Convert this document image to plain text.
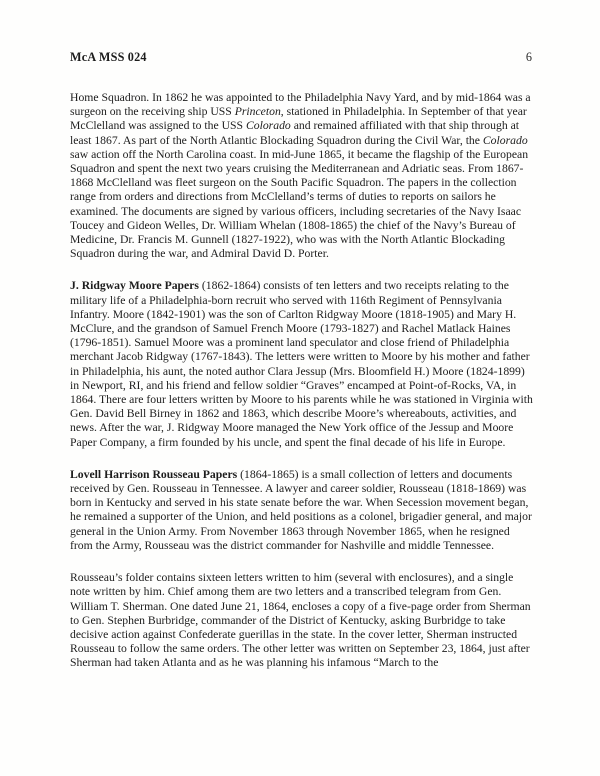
McA MSS 024	6

Home Squadron. In 1862 he was appointed to the Philadelphia Navy Yard, and by mid-1864 was a surgeon on the receiving ship USS Princeton, stationed in Philadelphia. In September of that year McClelland was assigned to the USS Colorado and remained affiliated with that ship through at least 1867. As part of the North Atlantic Blockading Squadron during the Civil War, the Colorado saw action off the North Carolina coast. In mid-June 1865, it became the flagship of the European Squadron and spent the next two years cruising the Mediterranean and Adriatic seas. From 1867-1868 McClelland was fleet surgeon on the South Pacific Squadron. The papers in the collection range from orders and directions from McClelland’s terms of duties to reports on sailors he examined. The documents are signed by various officers, including secretaries of the Navy Isaac Toucey and Gideon Welles, Dr. William Whelan (1808-1865) the chief of the Navy’s Bureau of Medicine, Dr. Francis M. Gunnell (1827-1922), who was with the North Atlantic Blockading Squadron during the war, and Admiral David D. Porter.

J. Ridgway Moore Papers (1862-1864) consists of ten letters and two receipts relating to the military life of a Philadelphia-born recruit who served with 116th Regiment of Pennsylvania Infantry. Moore (1842-1901) was the son of Carlton Ridgway Moore (1818-1905) and Mary H. McClure, and the grandson of Samuel French Moore (1793-1827) and Rachel Matlack Haines (1796-1851). Samuel Moore was a prominent land speculator and close friend of Philadelphia merchant Jacob Ridgway (1767-1843). The letters were written to Moore by his mother and father in Philadelphia, his aunt, the noted author Clara Jessup (Mrs. Bloomfield H.) Moore (1824-1899) in Newport, RI, and his friend and fellow soldier “Graves” encamped at Point-of-Rocks, VA, in 1864. There are four letters written by Moore to his parents while he was stationed in Virginia with Gen. David Bell Birney in 1862 and 1863, which describe Moore’s whereabouts, activities, and news. After the war, J. Ridgway Moore managed the New York office of the Jessup and Moore Paper Company, a firm founded by his uncle, and spent the final decade of his life in Europe.

Lovell Harrison Rousseau Papers (1864-1865) is a small collection of letters and documents received by Gen. Rousseau in Tennessee. A lawyer and career soldier, Rousseau (1818-1869) was born in Kentucky and served in his state senate before the war. When Secession movement began, he remained a supporter of the Union, and held positions as a colonel, brigadier general, and major general in the Union Army. From November 1863 through November 1865, when he resigned from the Army, Rousseau was the district commander for Nashville and middle Tennessee.

Rousseau’s folder contains sixteen letters written to him (several with enclosures), and a single note written by him. Chief among them are two letters and a transcribed telegram from Gen. William T. Sherman. One dated June 21, 1864, encloses a copy of a five-page order from Sherman to Gen. Stephen Burbridge, commander of the District of Kentucky, asking Burbridge to take decisive action against Confederate guerillas in the state. In the cover letter, Sherman instructed Rousseau to follow the same orders. The other letter was written on September 23, 1864, just after Sherman had taken Atlanta and as he was planning his infamous “March to the
